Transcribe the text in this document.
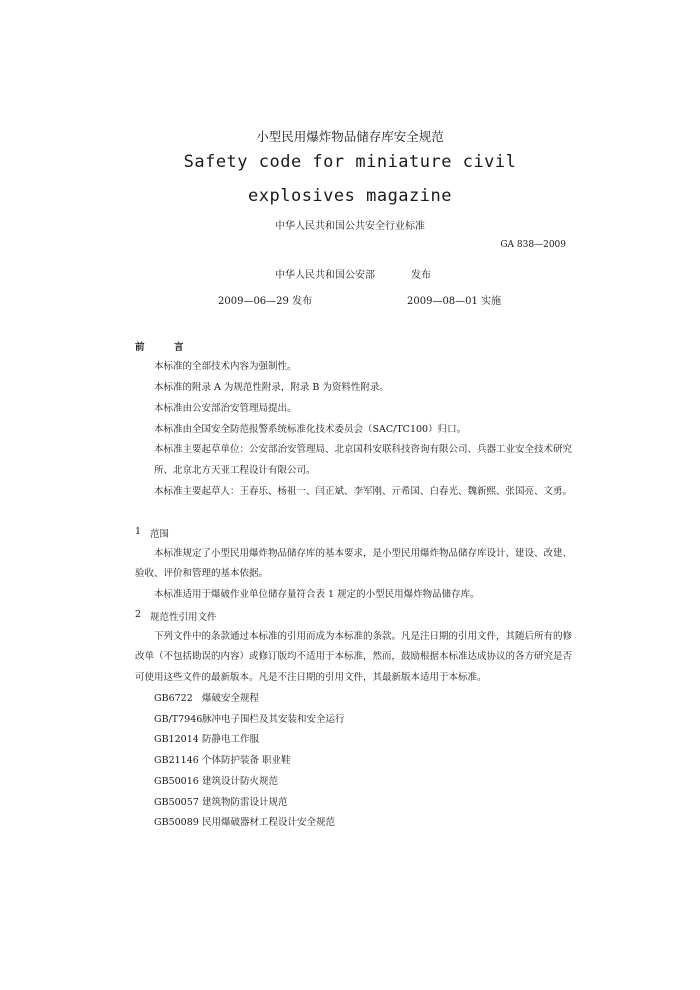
小型民用爆炸物品储存库安全规范
Safety code for miniature civil
explosives magazine
中华人民共和国公共安全行业标准
GA 838—2009
中华人民共和国公安部	发布
2009—06—29 发布	2009—08—01 实施
前	言
本标准的全部技术内容为强制性。
本标准的附录 A 为规范性附录，附录 B 为资料性附录。
本标准由公安部治安管理局提出。
本标准由全国安全防范报警系统标准化技术委员会（SAC/TC100）归口。
本标准主要起草单位：公安部治安管理局、北京国科安联科技咨询有限公司、兵器工业安全技术研究
所、北京北方天亚工程设计有限公司。
本标准主要起草人：王春乐、杨祖一、闫正斌、李军刚、亓希国、白春光、魏新熙、张国亮、文勇。
1 范围
本标准规定了小型民用爆炸物品储存库的基本要求，是小型民用爆炸物品储存库设计、建设、改建、
验收、评价和管理的基本依据。
本标准适用于爆破作业单位储存量符合表 1 规定的小型民用爆炸物品储存库。
2 规范性引用文件
下列文件中的条款通过本标准的引用而成为本标准的条款。凡是注日期的引用文件，其随后所有的修
改单（不包括勘误的内容）或修订版均不适用于本标准，然而，鼓励根据本标准达成协议的各方研究是否
可使用这些文件的最新版本。凡是不注日期的引用文件，其最新版本适用于本标准。
GB6722 爆破安全规程
GB/T7946脉冲电子围栏及其安装和安全运行
GB12014 防静电工作服
GB21146 个体防护装备 职业鞋
GB50016 建筑设计防火规范
GB50057 建筑物防雷设计规范
GB50089 民用爆破器材工程设计安全规范
